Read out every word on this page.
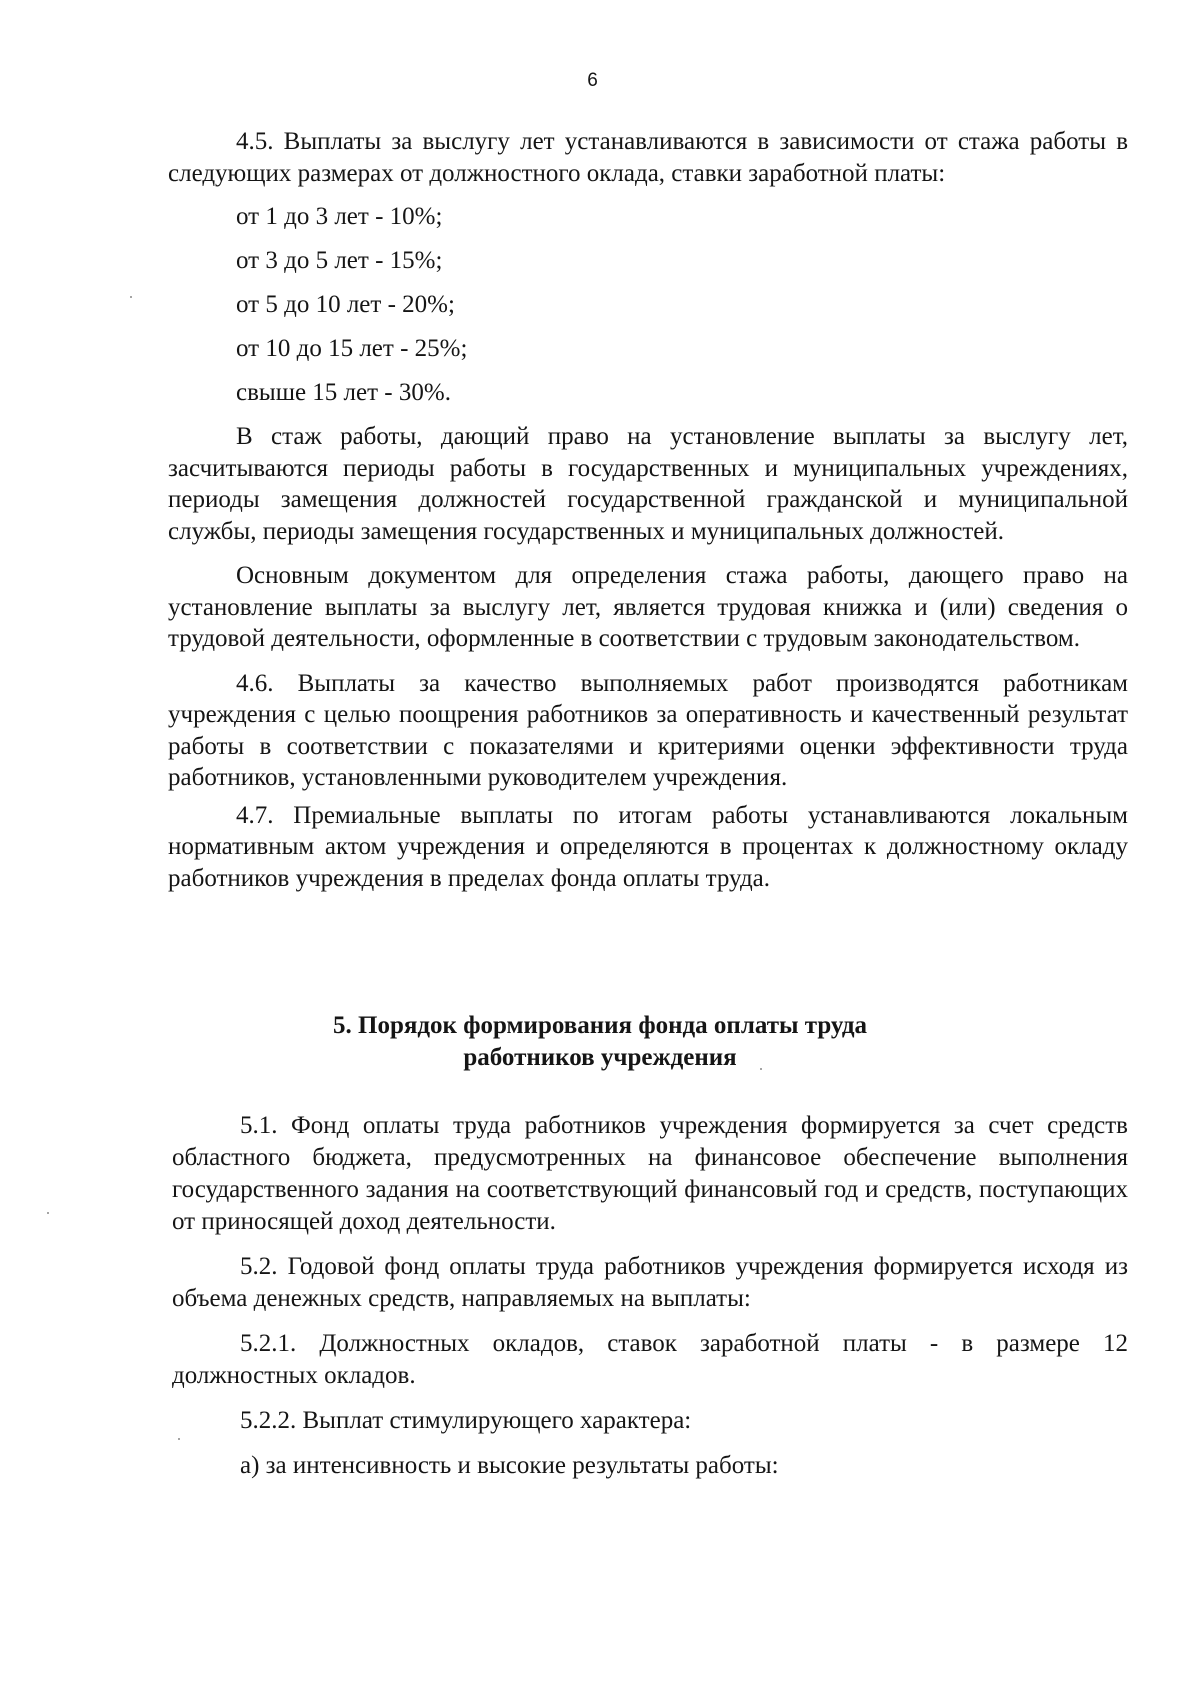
6

4.5. Выплаты за выслугу лет устанавливаются в зависимости от стажа работы в следующих размерах от должностного оклада, ставки заработной платы:

от 1 до 3 лет - 10%;

от 3 до 5 лет - 15%;

от 5 до 10 лет - 20%;

от 10 до 15 лет - 25%;

свыше 15 лет - 30%.

В стаж работы, дающий право на установление выплаты за выслугу лет, засчитываются периоды работы в государственных и муниципальных учреждениях, периоды замещения должностей государственной гражданской и муниципальной службы, периоды замещения государственных и муниципальных должностей.

Основным документом для определения стажа работы, дающего право на установление выплаты за выслугу лет, является трудовая книжка и (или) сведения о трудовой деятельности, оформленные в соответствии с трудовым законодательством.

4.6. Выплаты за качество выполняемых работ производятся работникам учреждения с целью поощрения работников за оперативность и качественный результат работы в соответствии с показателями и критериями оценки эффективности труда работников, установленными руководителем учреждения.

4.7. Премиальные выплаты по итогам работы устанавливаются локальным нормативным актом учреждения и определяются в процентах к должностному окладу работников учреждения в пределах фонда оплаты труда.

5. Порядок формирования фонда оплаты труда
работников учреждения

5.1. Фонд оплаты труда работников учреждения формируется за счет средств областного бюджета, предусмотренных на финансовое обеспечение выполнения государственного задания на соответствующий финансовый год и средств, поступающих от приносящей доход деятельности.

5.2. Годовой фонд оплаты труда работников учреждения формируется исходя из объема денежных средств, направляемых на выплаты:

5.2.1. Должностных окладов, ставок заработной платы - в размере 12 должностных окладов.

5.2.2. Выплат стимулирующего характера:

а) за интенсивность и высокие результаты работы:
